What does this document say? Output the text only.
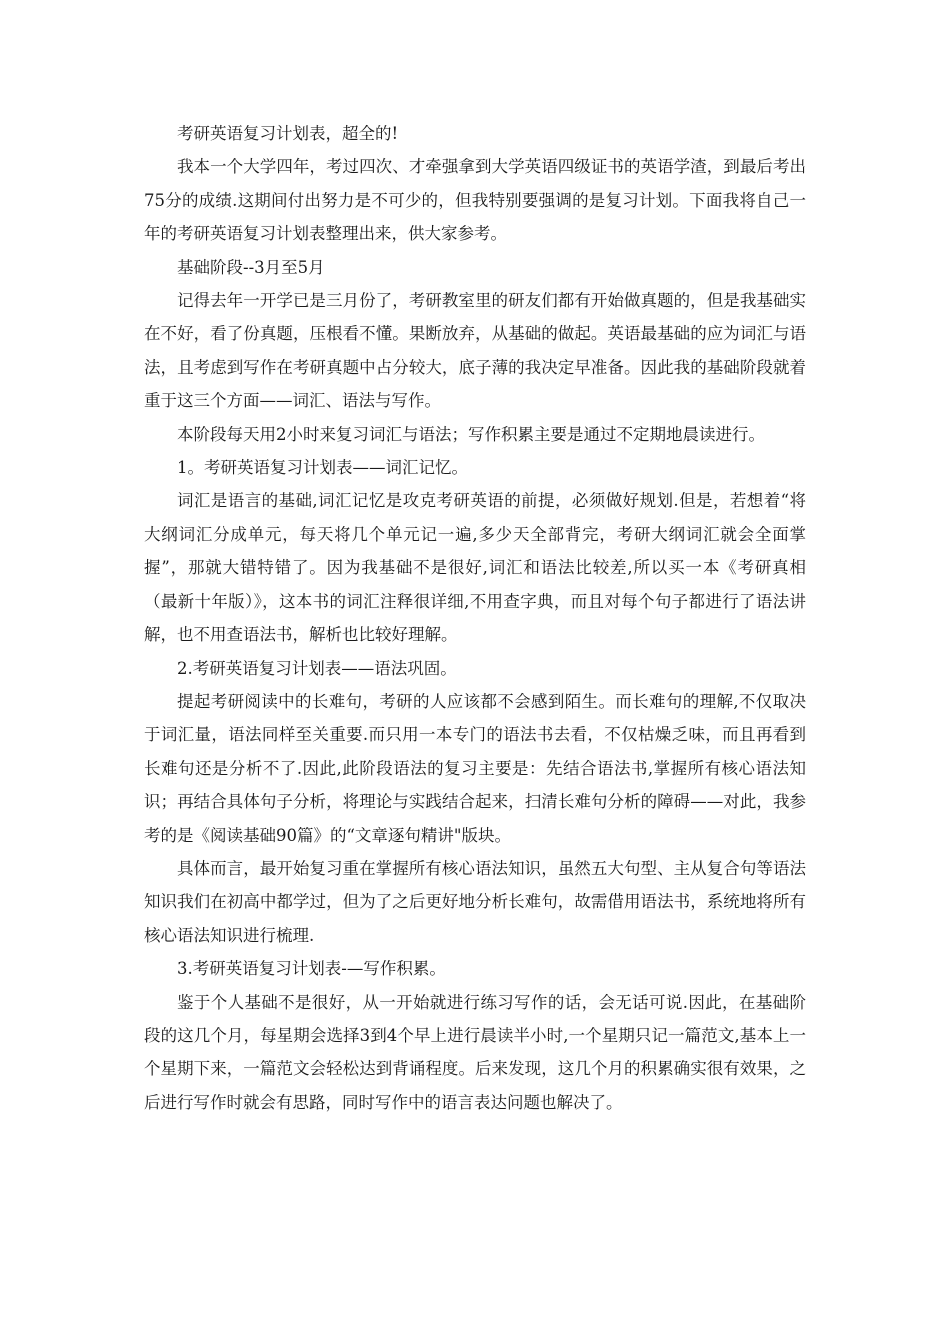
考研英语复习计划表，超全的!

我本一个大学四年，考过四次、才牵强拿到大学英语四级证书的英语学渣，到最后考出75分的成绩.这期间付出努力是不可少的，但我特别要强调的是复习计划。下面我将自己一年的考研英语复习计划表整理出来，供大家参考。

基础阶段--3月至5月

记得去年一开学已是三月份了，考研教室里的研友们都有开始做真题的，但是我基础实在不好，看了份真题，压根看不懂。果断放弃，从基础的做起。英语最基础的应为词汇与语法，且考虑到写作在考研真题中占分较大，底子薄的我决定早准备。因此我的基础阶段就着重于这三个方面——词汇、语法与写作。

本阶段每天用2小时来复习词汇与语法；写作积累主要是通过不定期地晨读进行。

1。考研英语复习计划表——词汇记忆。

词汇是语言的基础,词汇记忆是攻克考研英语的前提，必须做好规划.但是，若想着“将大纲词汇分成单元，每天将几个单元记一遍,多少天全部背完，考研大纲词汇就会全面掌握”，那就大错特错了。因为我基础不是很好,词汇和语法比较差,所以买一本《考研真相（最新十年版）》，这本书的词汇注释很详细,不用查字典，而且对每个句子都进行了语法讲解，也不用查语法书，解析也比较好理解。

2.考研英语复习计划表——语法巩固。

提起考研阅读中的长难句，考研的人应该都不会感到陌生。而长难句的理解,不仅取决于词汇量，语法同样至关重要.而只用一本专门的语法书去看，不仅枯燥乏味，而且再看到长难句还是分析不了.因此,此阶段语法的复习主要是：先结合语法书,掌握所有核心语法知识；再结合具体句子分析，将理论与实践结合起来，扫清长难句分析的障碍——对此，我参考的是《阅读基础90篇》的“文章逐句精讲"版块。

具体而言，最开始复习重在掌握所有核心语法知识，虽然五大句型、主从复合句等语法知识我们在初高中都学过，但为了之后更好地分析长难句，故需借用语法书，系统地将所有核心语法知识进行梳理.

3.考研英语复习计划表-—写作积累。

鉴于个人基础不是很好，从一开始就进行练习写作的话，会无话可说.因此，在基础阶段的这几个月，每星期会选择3到4个早上进行晨读半小时,一个星期只记一篇范文,基本上一个星期下来，一篇范文会轻松达到背诵程度。后来发现，这几个月的积累确实很有效果，之后进行写作时就会有思路，同时写作中的语言表达问题也解决了。
